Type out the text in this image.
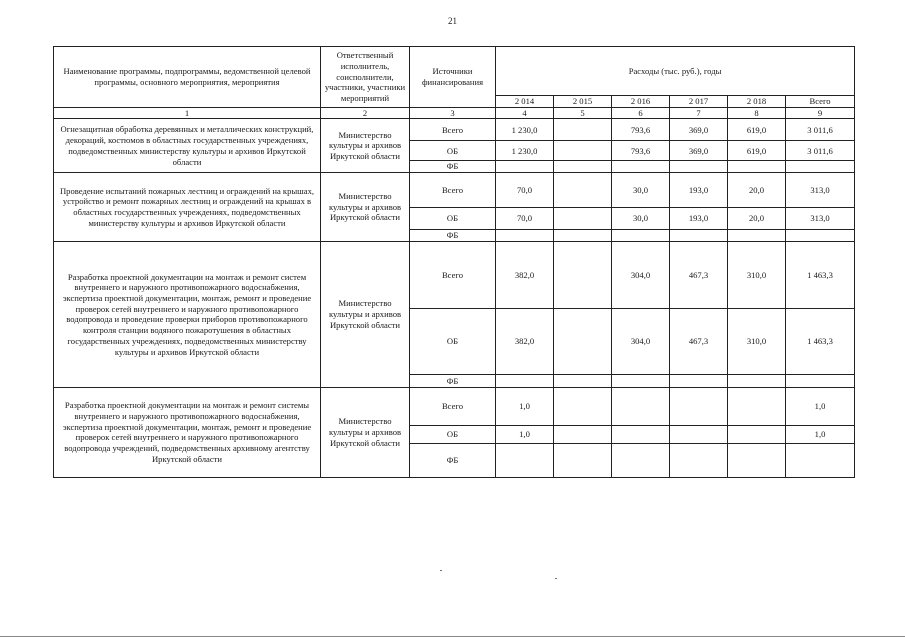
21
Наименование программы, подпрограммы, ведомственной целевой программы, основного мероприятия, мероприятия	Ответственный исполнитель, соисполнители, участники, участники мероприятий	Источники финансирования	Расходы (тыс. руб.), годы					
			2 014	2 015	2 016	2 017	2 018	Всего
1	2	3	4	5	6	7	8	9
Огнезащитная обработка деревянных и металлических конструкций, декораций, костюмов в областных государственных учреждениях, подведомственных министерству культуры и архивов Иркутской области	Министерство культуры и архивов Иркутской области	Всего	1 230,0		793,6	369,0	619,0	3 011,6
		ОБ	1 230,0		793,6	369,0	619,0	3 011,6
		ФБ						
Проведение испытаний пожарных лестниц и ограждений на крышах, устройство и ремонт пожарных лестниц и ограждений на крышах в областных государственных учреждениях, подведомственных министерству культуры и архивов Иркутской области	Министерство культуры и архивов Иркутской области	Всего	70,0		30,0	193,0	20,0	313,0
		ОБ	70,0		30,0	193,0	20,0	313,0
		ФБ						
Разработка проектной документации на монтаж и ремонт систем внутреннего и наружного противопожарного водоснабжения, экспертиза проектной документации, монтаж, ремонт и проведение проверок сетей внутреннего и наружного противопожарного водопровода и проведение проверки приборов противопожарного контроля станции водяного пожаротушения в областных государственных учреждениях, подведомственных министерству культуры и архивов Иркутской области	Министерство культуры и архивов Иркутской области	Всего	382,0		304,0	467,3	310,0	1 463,3
		ОБ	382,0		304,0	467,3	310,0	1 463,3
		ФБ						
Разработка проектной документации на монтаж и ремонт системы внутреннего и наружного противопожарного водоснабжения, экспертиза проектной документации, монтаж, ремонт и проведение проверок сетей внутреннего и наружного противопожарного водопровода учреждений, подведомственных архивному агентству Иркутской области	Министерство культуры и архивов Иркутской области	Всего	1,0					1,0
		ОБ	1,0					1,0
		ФБ						
